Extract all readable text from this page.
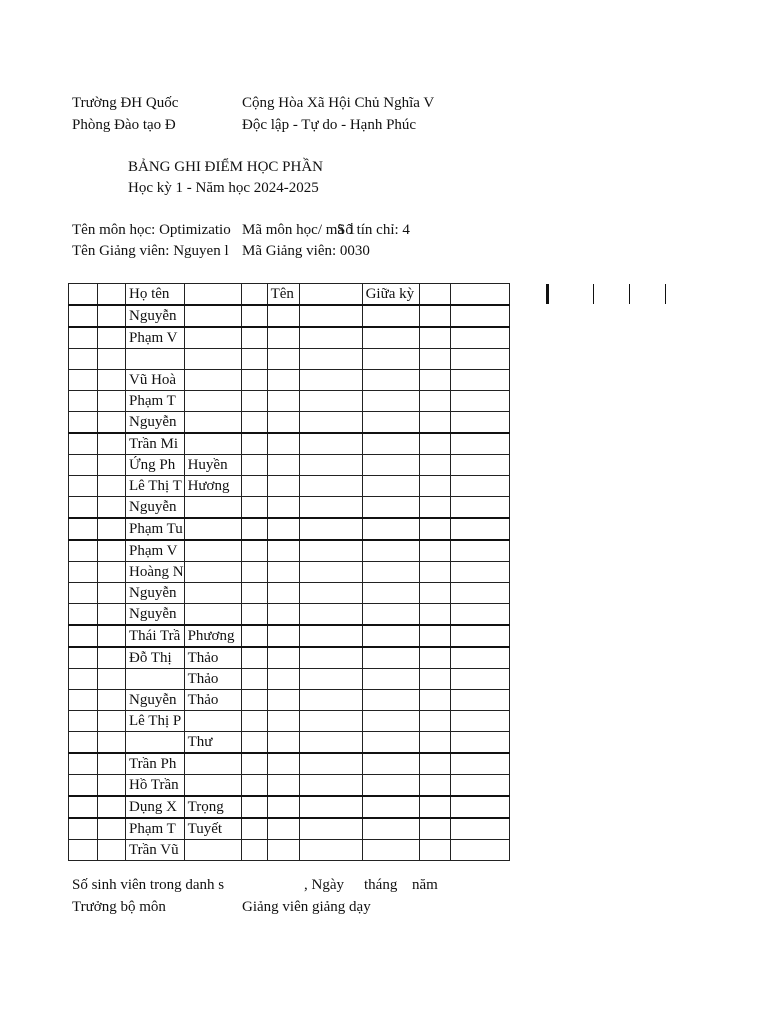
Trường ĐH Quốc
Phòng Đào tạo Đ
Cộng Hòa Xã Hội Chủ Nghĩa V
Độc lập - Tự do - Hạnh Phúc
BẢNG GHI ĐIỂM HỌC PHẦN
Học kỳ 1 - Năm học 2024-2025
Tên môn học: Optimizatio Mã môn học/ mã 1
Số tín chỉ: 4
Tên Giảng viên: Nguyen l Mã Giảng viên: 0030
		Họ tên			Tên		Giữa kỳ		
		Nguyễn							
		Phạm V							

		Vũ Hoà							
		Phạm T							
		Nguyễn							
		Trần Mi							
		Ứng Ph	Huyền						
		Lê Thị T	Hương						
		Nguyễn							
		Phạm Tu							
		Phạm V							
		Hoàng N							
		Nguyễn							
		Nguyễn							
		Thái Trầ	Phương						
		Đỗ Thị	Thảo						
			Thảo						
		Nguyễn	Thảo						
		Lê Thị P							
			Thư						
		Trần Ph							
		Hồ Trần							
		Dụng X	Trọng						
		Phạm T	Tuyết						
		Trần Vũ							
Số sinh viên trong danh s	, Ngày	tháng năm
Trưởng bộ môn	Giảng viên giảng dạy
